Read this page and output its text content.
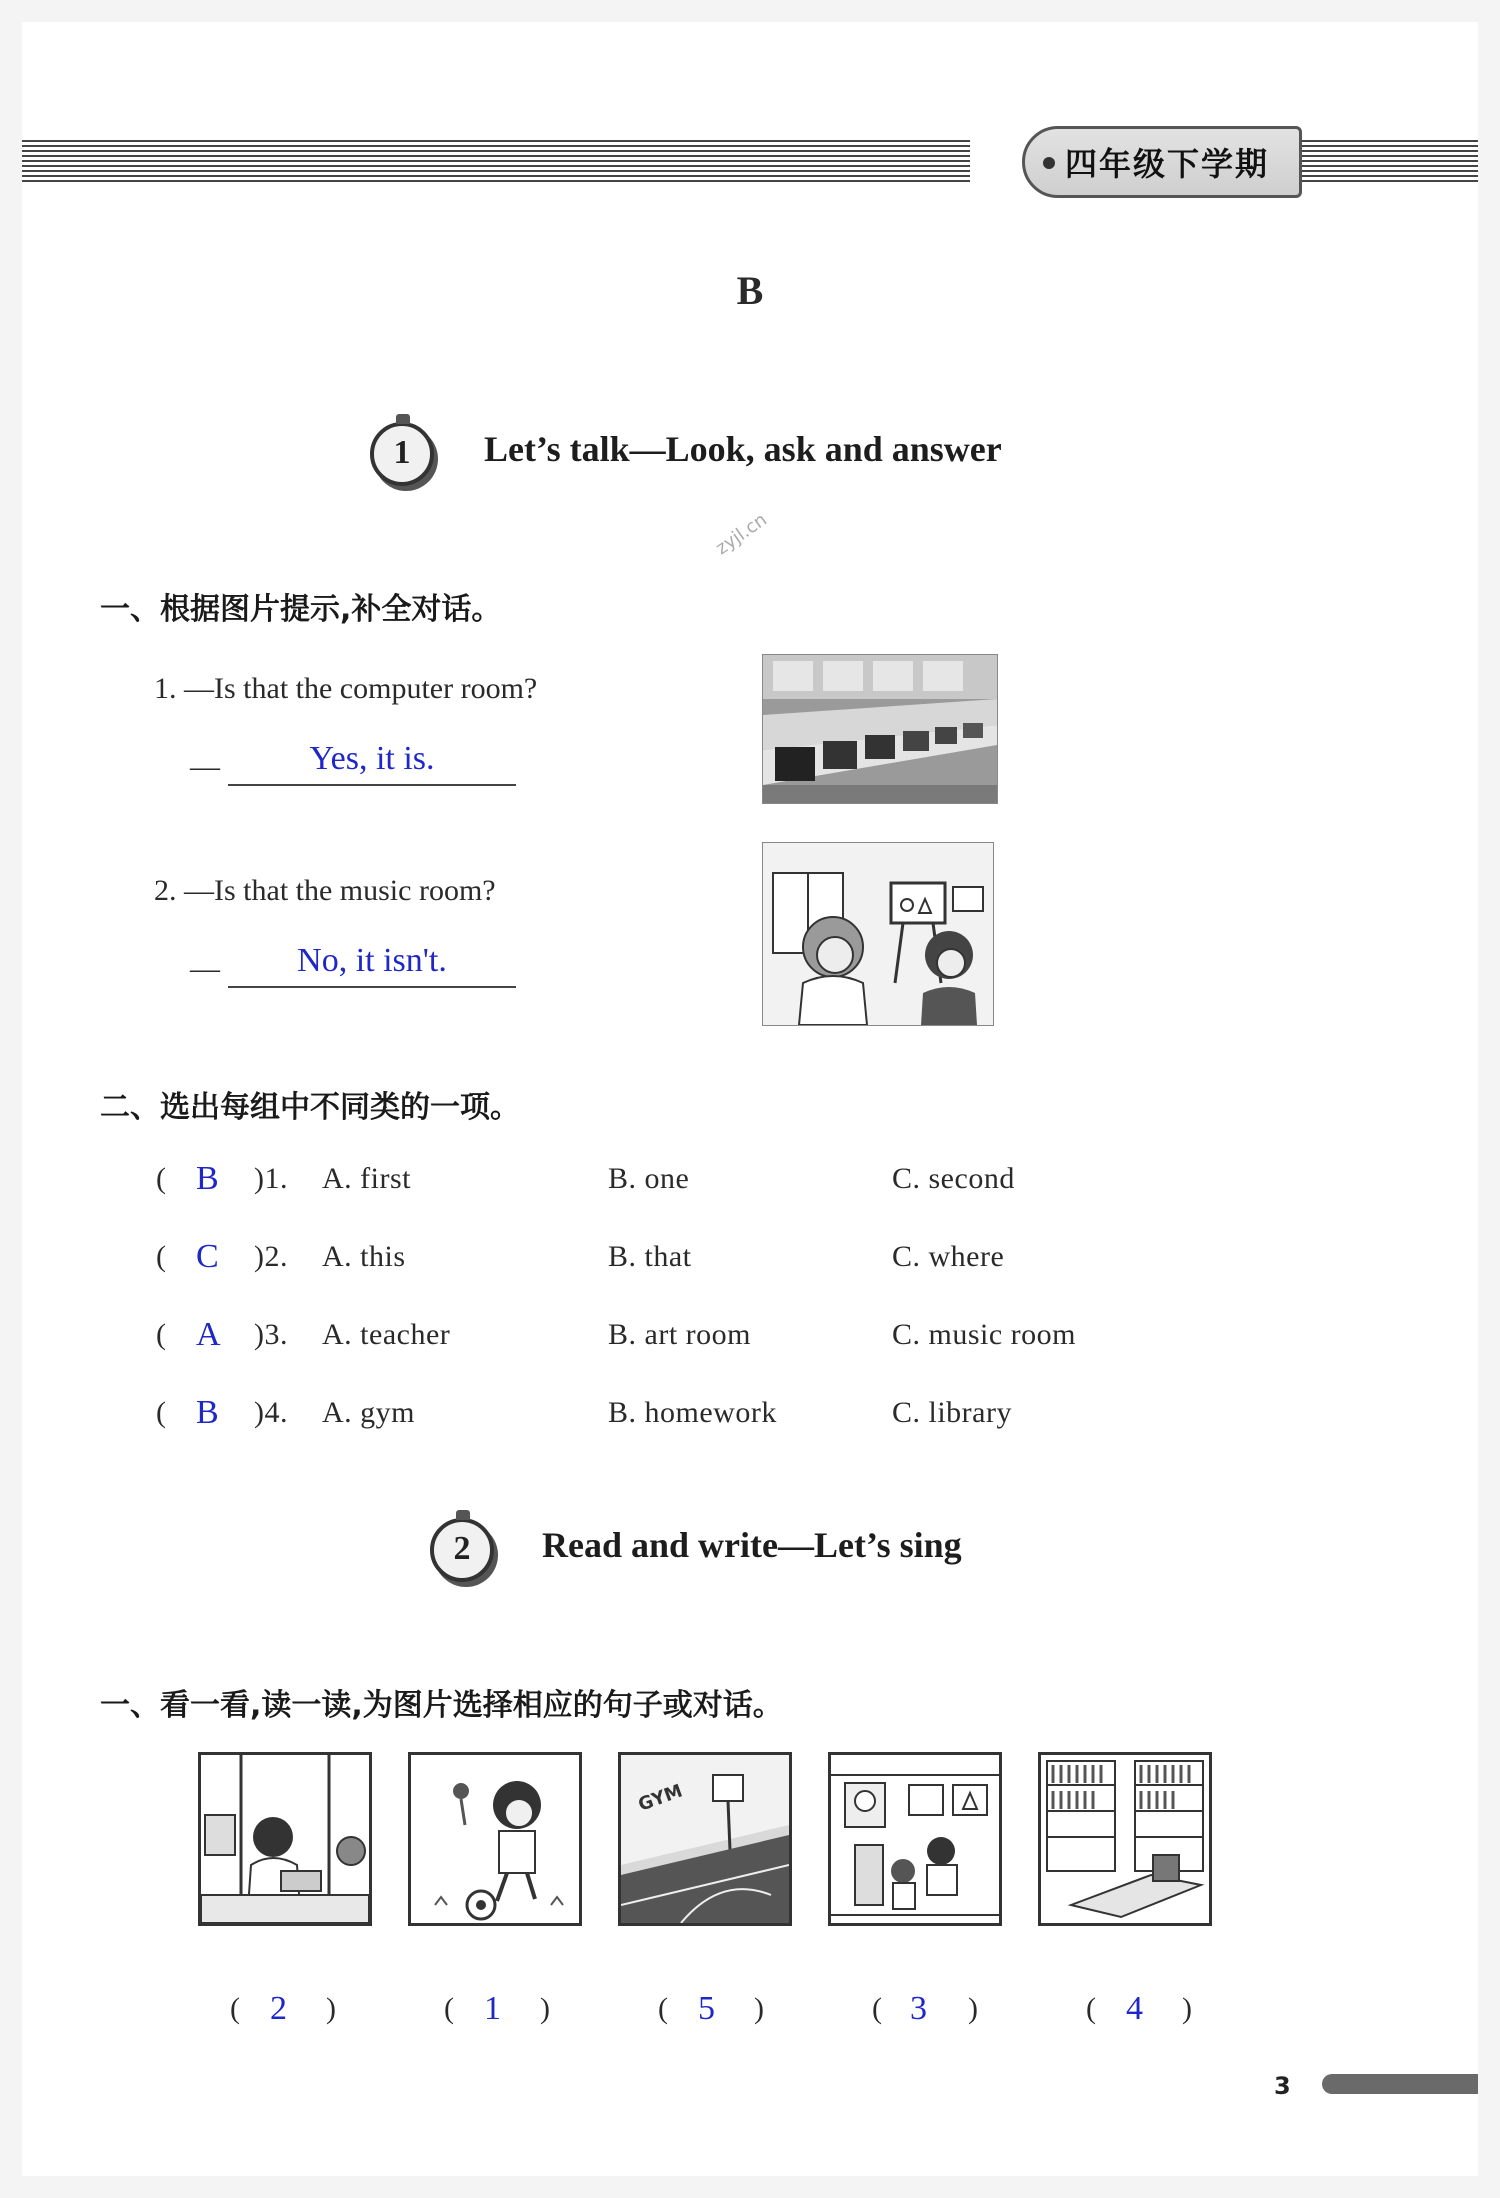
四年级下学期
B
1	Let’s talk—Look, ask and answer
zyjl.cn
一、根据图片提示,补全对话。
1. —Is that the computer room?
—	Yes, it is.
2. —Is that the music room?
—	No, it isn't.
二、选出每组中不同类的一项。
( B )1. A. first	B. one	C. second
( C )2. A. this	B. that	C. where
( A )3. A. teacher	B. art room	C. music room
( B )4. A. gym	B. homework	C. library
2	Read and write—Let’s sing
一、看一看,读一读,为图片选择相应的句子或对话。
GYM
( 2 )	( 1 )	( 5 )	( 3 )	( 4 )
3
